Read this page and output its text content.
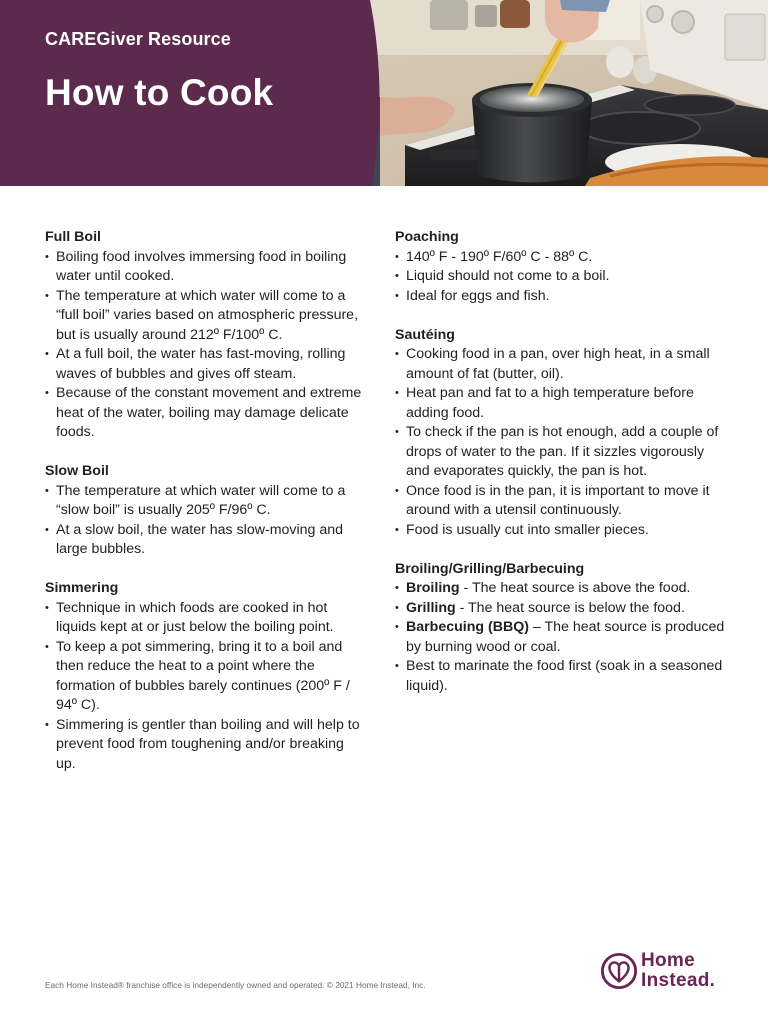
CAREGiver Resource

How to Cook
Full Boil
• Boiling food involves immersing food in boiling water until cooked.
• The temperature at which water will come to a “full boil” varies based on atmospheric pressure, but is usually around 212º F/100º C.
• At a full boil, the water has fast-moving, rolling waves of bubbles and gives off steam.
• Because of the constant movement and extreme heat of the water, boiling may damage delicate foods.
Slow Boil
• The temperature at which water will come to a “slow boil” is usually 205º F/96º C.
• At a slow boil, the water has slow-moving and large bubbles.
Simmering
• Technique in which foods are cooked in hot liquids kept at or just below the boiling point.
• To keep a pot simmering, bring it to a boil and then reduce the heat to a point where the formation of bubbles barely continues (200º F / 94º C).
• Simmering is gentler than boiling and will help to prevent food from toughening and/or breaking up.
Poaching
• 140º F - 190º F/60º C - 88º C.
• Liquid should not come to a boil.
• Ideal for eggs and fish.
Sautéing
• Cooking food in a pan, over high heat, in a small amount of fat (butter, oil).
• Heat pan and fat to a high temperature before adding food.
• To check if the pan is hot enough, add a couple of drops of water to the pan. If it sizzles vigorously and evaporates quickly, the pan is hot.
• Once food is in the pan, it is important to move it around with a utensil continuously.
• Food is usually cut into smaller pieces.
Broiling/Grilling/Barbecuing
• Broiling - The heat source is above the food.
• Grilling - The heat source is below the food.
• Barbecuing (BBQ) – The heat source is produced by burning wood or coal.
• Best to marinate the food first (soak in a seasoned liquid).

Each Home Instead® franchise office is independently owned and operated. © 2021 Home Instead, Inc.

Home
Instead.
